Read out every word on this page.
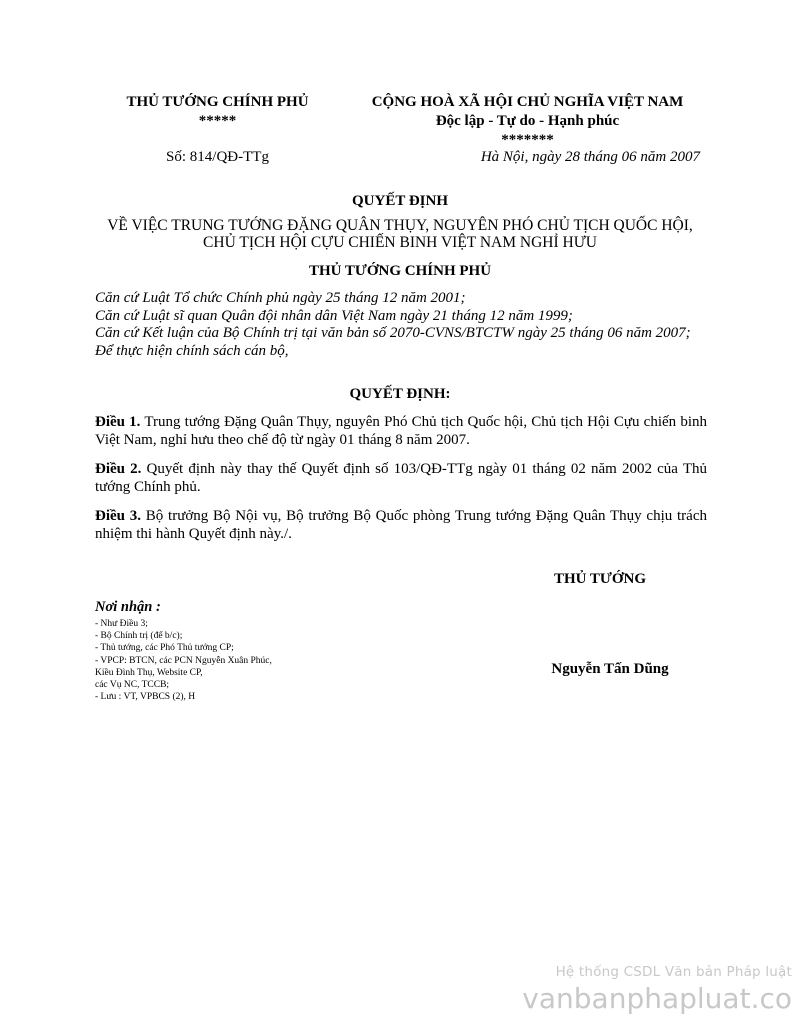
THỦ TƯỚNG CHÍNH PHỦ
*****
CỘNG HOÀ XÃ HỘI CHỦ NGHĨA VIỆT NAM
Độc lập - Tự do - Hạnh phúc
*******
Số: 814/QĐ-TTg	Hà Nội, ngày 28 tháng 06 năm 2007
QUYẾT ĐỊNH
VỀ VIỆC TRUNG TƯỚNG ĐẶNG QUÂN THỤY, NGUYÊN PHÓ CHỦ TỊCH QUỐC HỘI,
CHỦ TỊCH HỘI CỰU CHIẾN BINH VIỆT NAM NGHỈ HƯU
THỦ TƯỚNG CHÍNH PHỦ
Căn cứ Luật Tổ chức Chính phủ ngày 25 tháng 12 năm 2001;
Căn cứ Luật sĩ quan Quân đội nhân dân Việt Nam ngày 21 tháng 12 năm 1999;
Căn cứ Kết luận của Bộ Chính trị tại văn bản số 2070-CVNS/BTCTW ngày 25 tháng 06 năm 2007;
Để thực hiện chính sách cán bộ,
QUYẾT ĐỊNH:
Điều 1. Trung tướng Đặng Quân Thụy, nguyên Phó Chủ tịch Quốc hội, Chủ tịch Hội Cựu chiến binh Việt Nam, nghỉ hưu theo chế độ từ ngày 01 tháng 8 năm 2007.
Điều 2. Quyết định này thay thế Quyết định số 103/QĐ-TTg ngày 01 tháng 02 năm 2002 của Thủ tướng Chính phủ.
Điều 3. Bộ trưởng Bộ Nội vụ, Bộ trưởng Bộ Quốc phòng Trung tướng Đặng Quân Thụy chịu trách nhiệm thi hành Quyết định này./.
THỦ TƯỚNG
Nguyễn Tấn Dũng
Nơi nhận :
- Như Điều 3;
- Bộ Chính trị (để b/c);
- Thủ tướng, các Phó Thủ tướng CP;
- VPCP: BTCN, các PCN Nguyễn Xuân Phúc,
Kiều Đình Thụ, Website CP,
các Vụ NC, TCCB;
- Lưu : VT, VPBCS (2), H
Hệ thống CSDL Văn bản Pháp luật
vanbanphapluat.co
